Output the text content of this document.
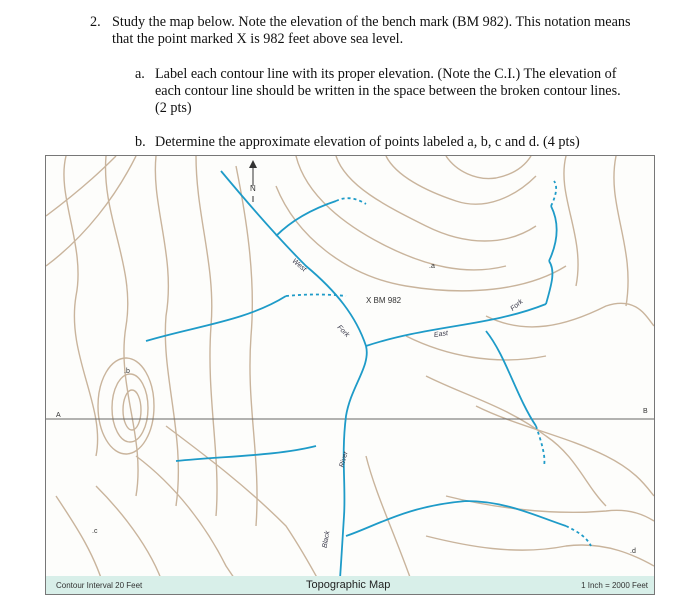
2. Study the map below. Note the elevation of the bench mark (BM 982). This notation means that the point marked X is 982 feet above sea level.
a. Label each contour line with its proper elevation. (Note the C.I.) The elevation of each contour line should be written in the space between the broken contour lines. (2 pts)
b. Determine the approximate elevation of points labeled a, b, c and d. (4 pts)
N
X BM 982
.a
.b
.c
.d
A
B
West
Fork	East
Fork
River
Black
Contour Interval 20 Feet	Topographic Map	1 Inch = 2000 Feet
